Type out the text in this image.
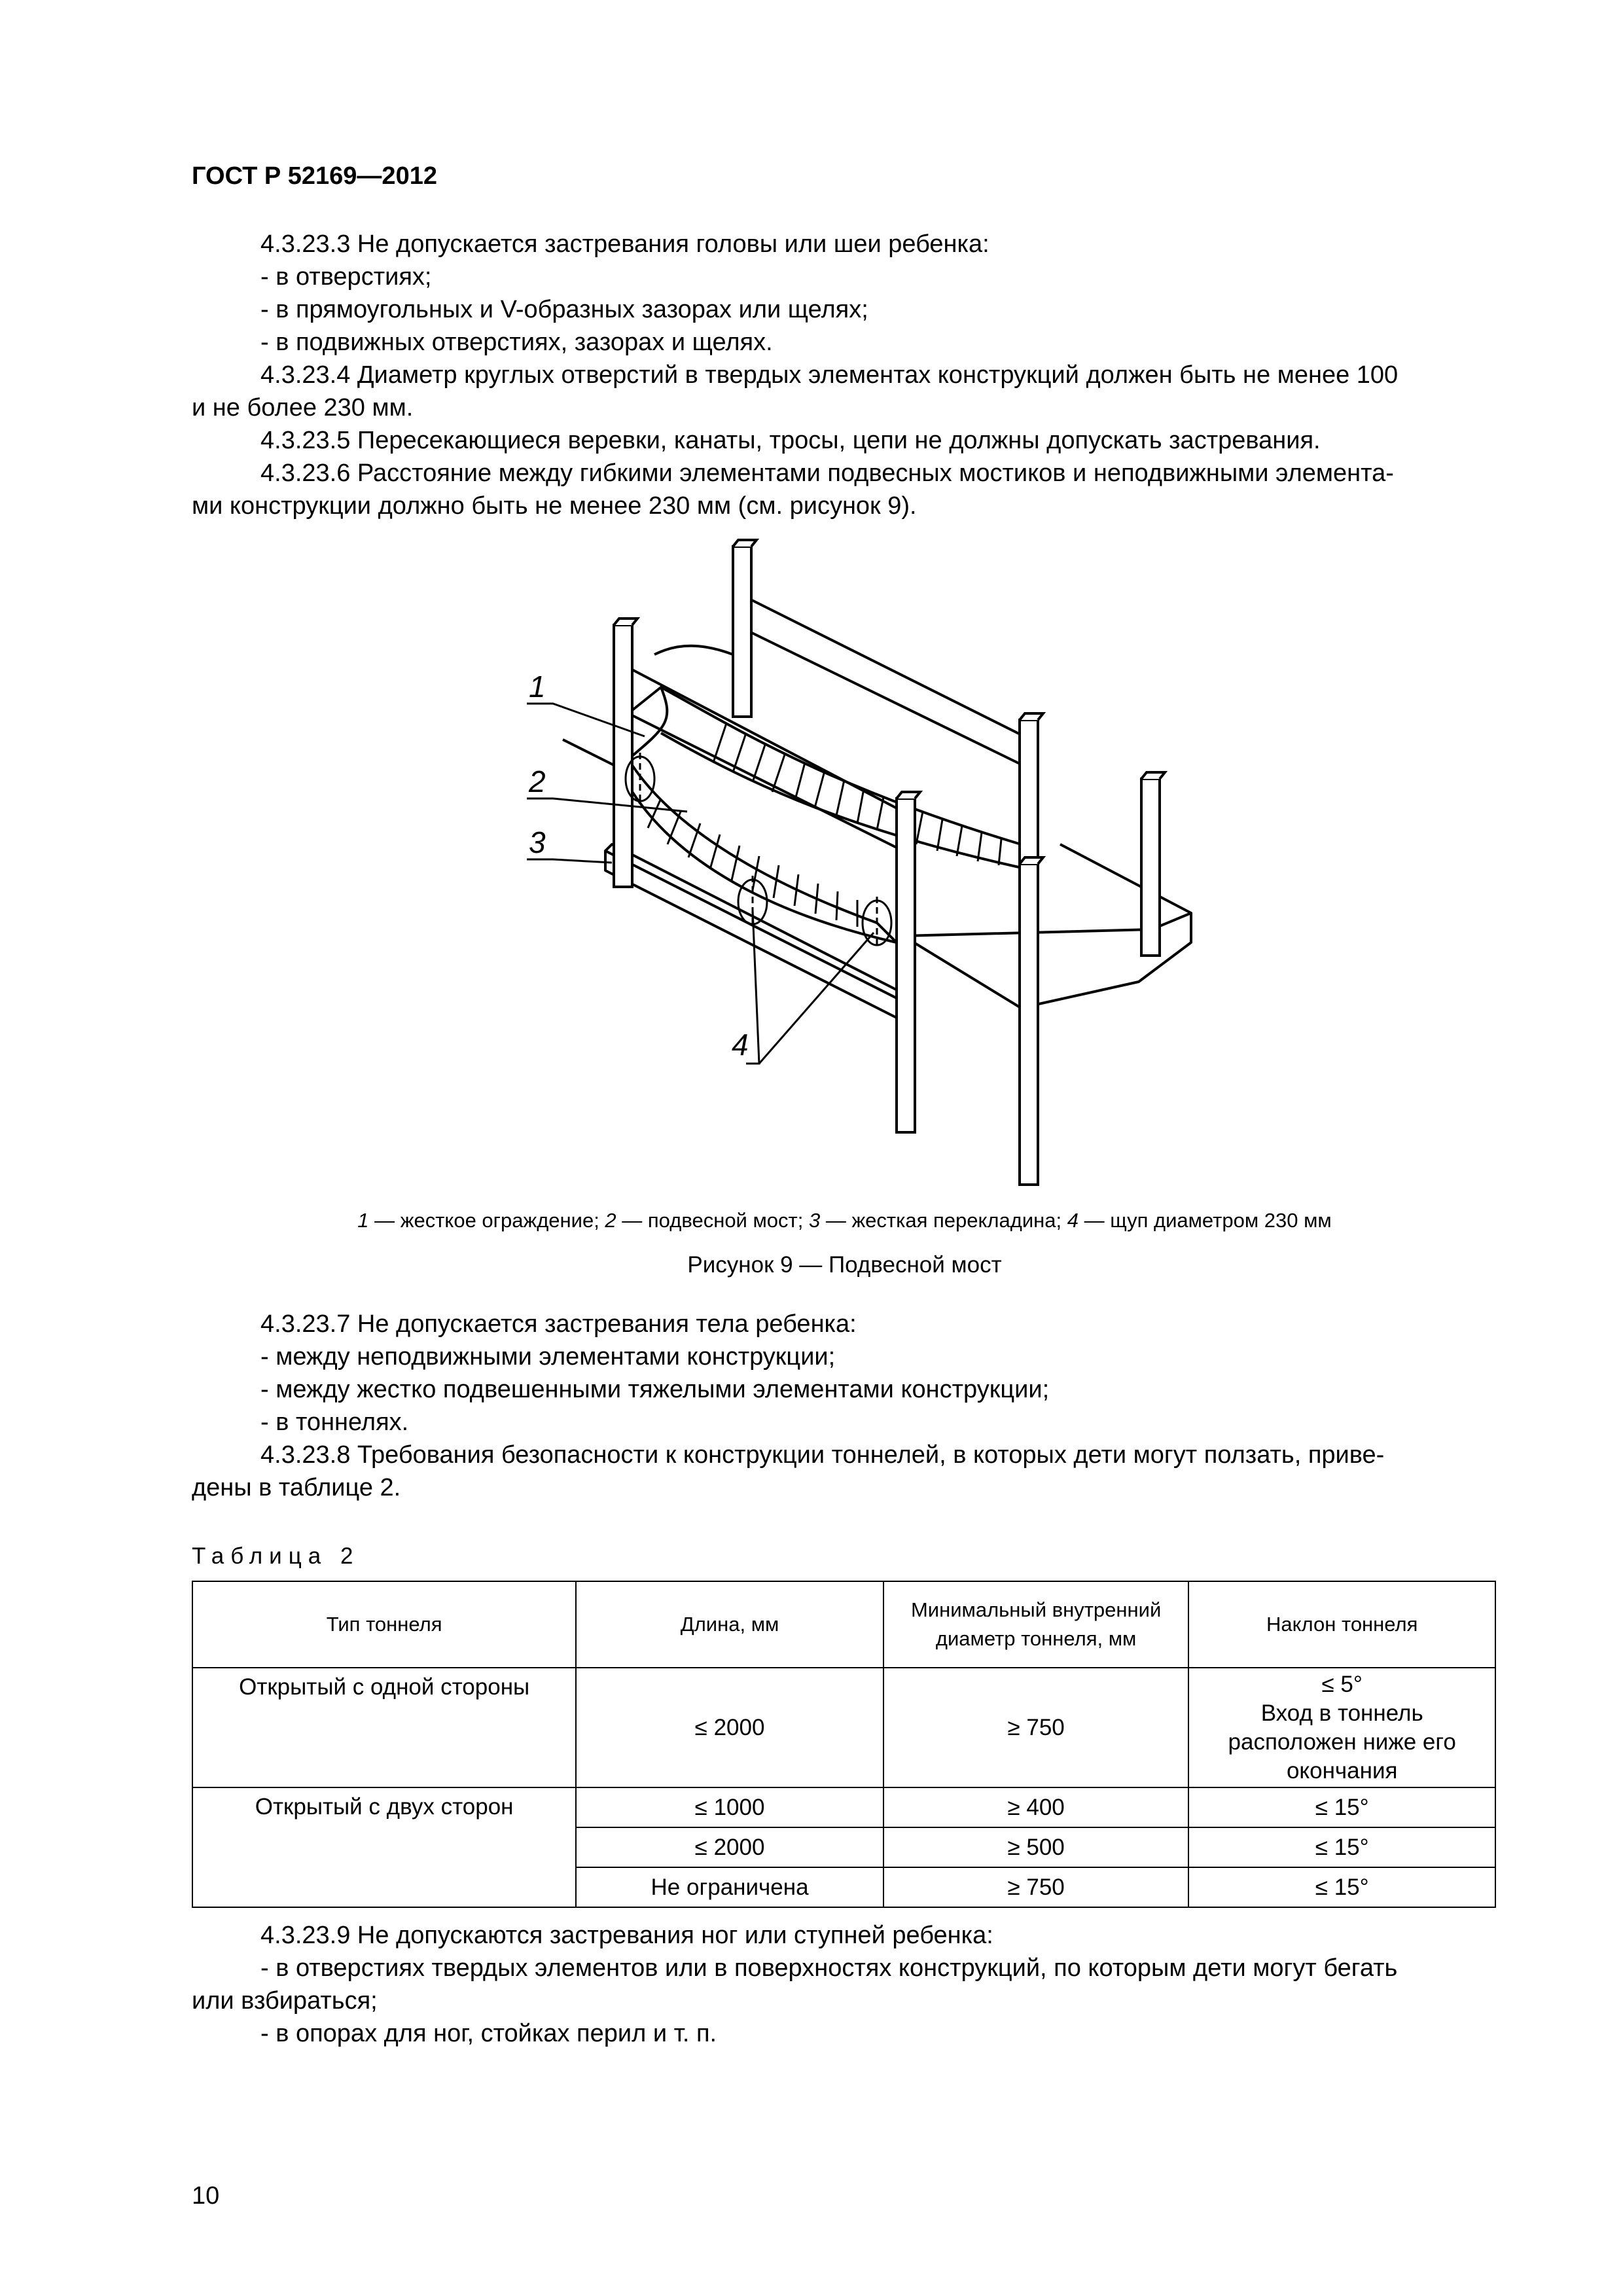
ГОСТ Р 52169—2012
4.3.23.3 Не допускается застревания головы или шеи ребенка:
- в отверстиях;
- в прямоугольных и V-образных зазорах или щелях;
- в подвижных отверстиях, зазорах и щелях.
4.3.23.4 Диаметр круглых отверстий в твердых элементах конструкций должен быть не менее 100
и не более 230 мм.
4.3.23.5 Пересекающиеся веревки, канаты, тросы, цепи не должны допускать застревания.
4.3.23.6 Расстояние между гибкими элементами подвесных мостиков и неподвижными элемента-
ми конструкции должно быть не менее 230 мм (см. рисунок 9).
1
2
3
4
1 — жесткое ограждение; 2 — подвесной мост; 3 — жесткая перекладина; 4 — щуп диаметром 230 мм
Рисунок 9 — Подвесной мост
4.3.23.7 Не допускается застревания тела ребенка:
- между неподвижными элементами конструкции;
- между жестко подвешенными тяжелыми элементами конструкции;
- в тоннелях.
4.3.23.8 Требования безопасности к конструкции тоннелей, в которых дети могут ползать, приве-
дены в таблице 2.
Таблица 2
Тип тоннеля	Длина, мм	Минимальный внутренний диаметр тоннеля, мм	Наклон тоннеля
Открытый с одной стороны	≤ 2000	≥ 750	≤ 5°
Вход в тоннель
расположен ниже его
окончания

Открытый с двух сторон	≤ 1000	≥ 400	≤ 15°
	≤ 2000	≥ 500	≤ 15°
	Не ограничена	≥ 750	≤ 15°
4.3.23.9 Не допускаются застревания ног или ступней ребенка:
- в отверстиях твердых элементов или в поверхностях конструкций, по которым дети могут бегать
или взбираться;
- в опорах для ног, стойках перил и т. п.
10
